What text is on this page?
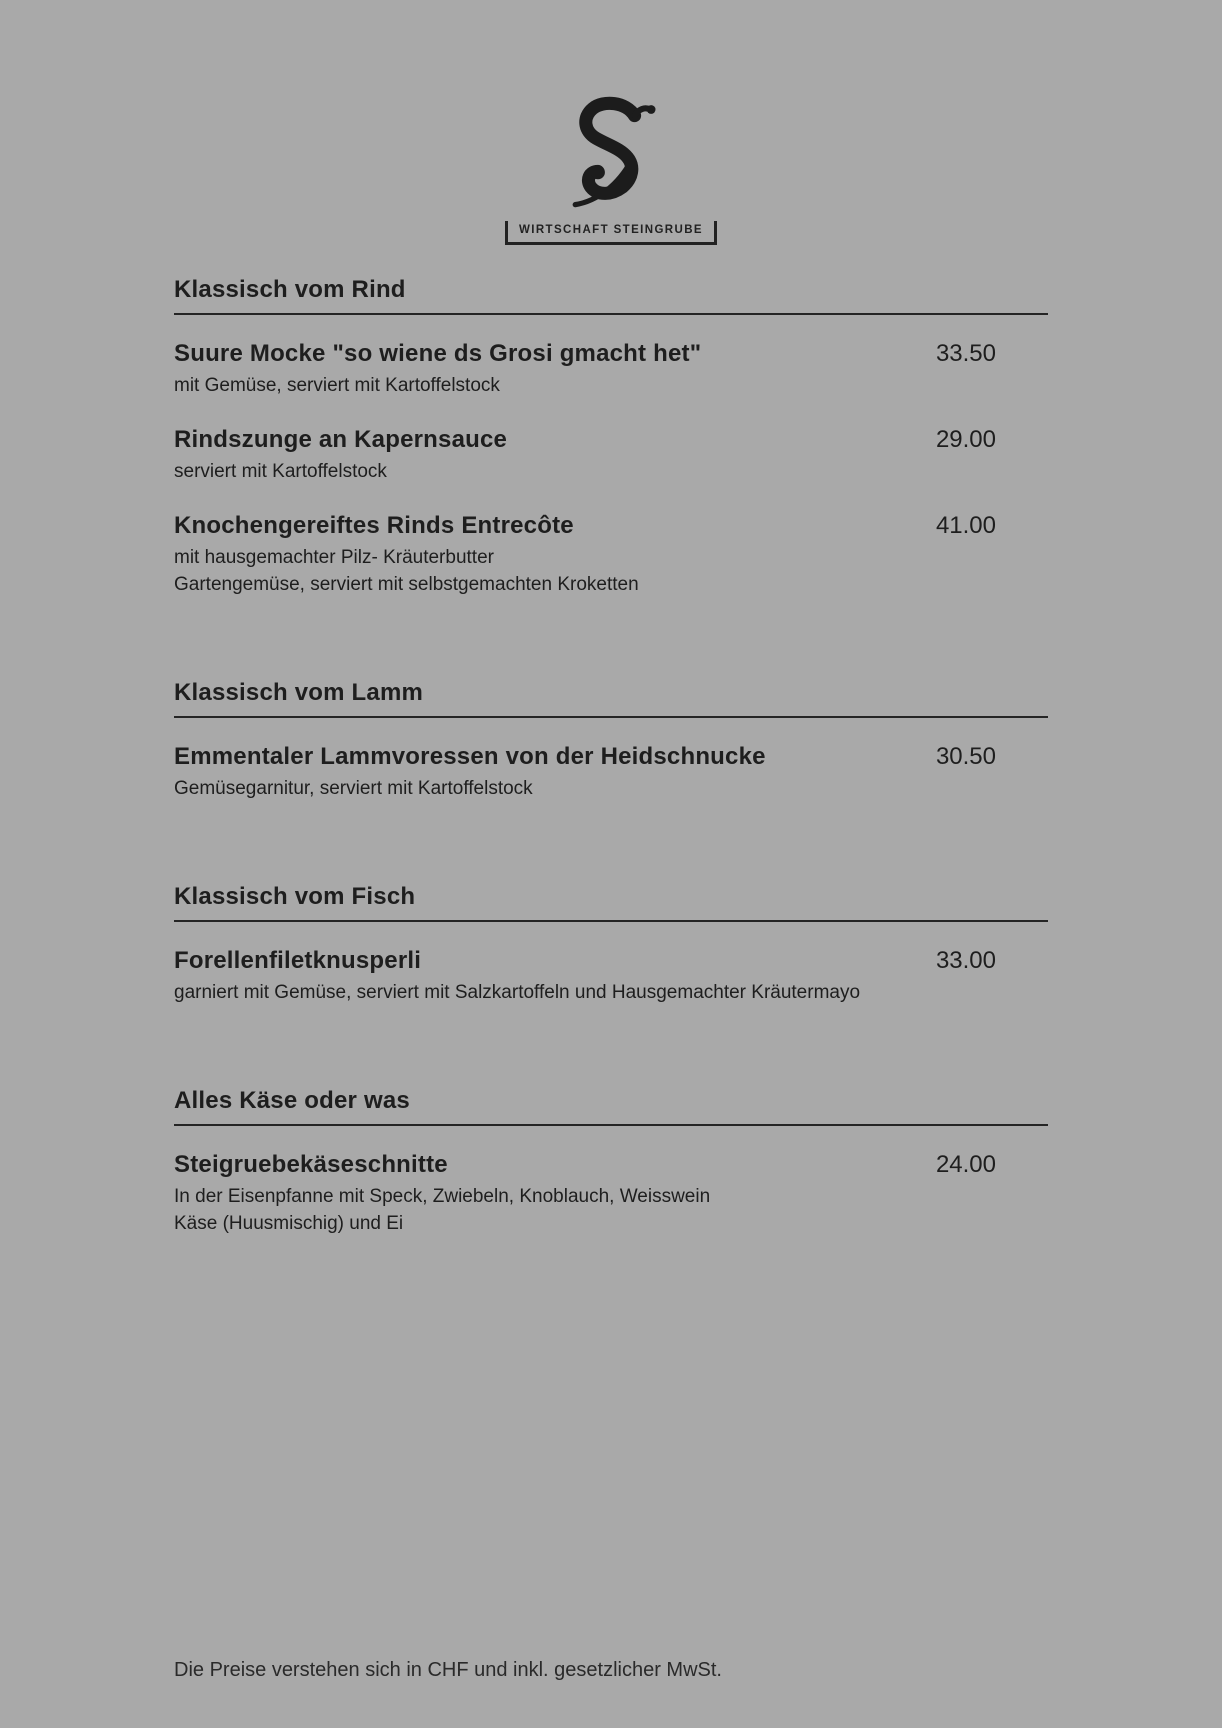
WIRTSCHAFT STEINGRUBE
Klassisch vom Rind
Suure Mocke "so wiene ds Grosi gmacht het"	33.50
mit Gemüse, serviert mit Kartoffelstock
Rindszunge an Kapernsauce	29.00
serviert mit Kartoffelstock
Knochengereiftes Rinds Entrecôte	41.00
mit hausgemachter Pilz- Kräuterbutter
Gartengemüse, serviert mit selbstgemachten Kroketten
Klassisch vom Lamm
Emmentaler Lammvoressen von der Heidschnucke	30.50
Gemüsegarnitur, serviert mit Kartoffelstock
Klassisch vom Fisch
Forellenfiletknusperli	33.00
garniert mit Gemüse, serviert mit Salzkartoffeln und Hausgemachter Kräutermayo
Alles Käse oder was
Steigruebekäseschnitte	24.00
In der Eisenpfanne mit Speck, Zwiebeln, Knoblauch, Weisswein
Käse (Huusmischig) und Ei
Die Preise verstehen sich in CHF und inkl. gesetzlicher MwSt.
